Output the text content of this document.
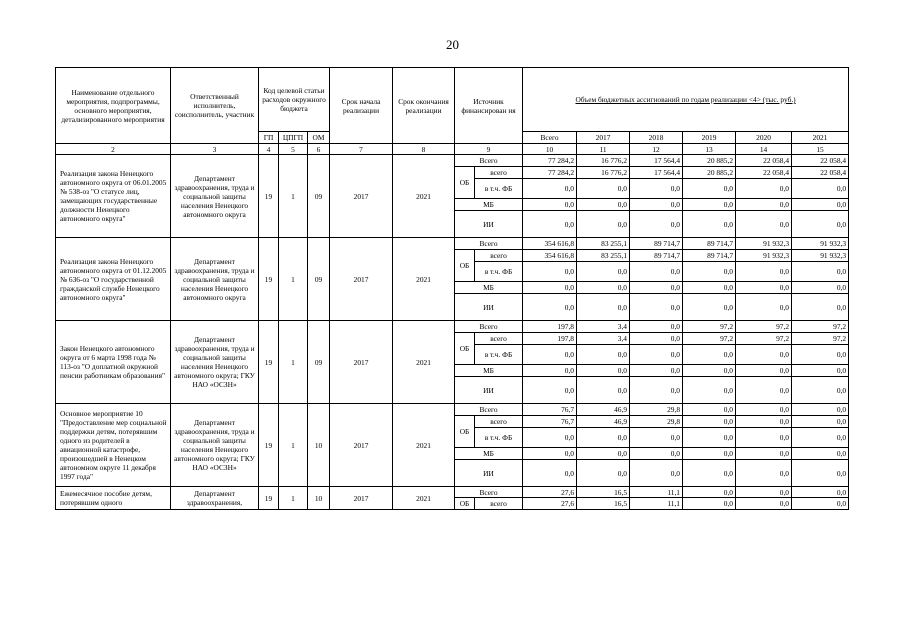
20
Наименование отдельного мероприятия, подпрограммы, основного мероприятия, детализированного мероприятия	Ответственный исполнитель, соисполнитель, участник	Код целевой статьи расходов окружного бюджета			Срок начала реализации	Срок окончания реализации	Источник финансирован ия		Объем бюджетных ассигнований по годам реализации <4> (тыс. руб.)					
		ГП	ЦПГП	ОМ					Всего	2017	2018	2019	2020	2021
2	3	4	5	6	7	8	9		10	11	12	13	14	15
Реализация закона Ненецкого автономного округа от 06.01.2005 № 538-оз "О статусе лиц, замещающих государственные должности Ненецкого автономного округа"	Департамент здравоохранения, труда и социальной защиты населения Ненецкого автономного округа	19	1	09	2017	2021	Всего		77 284,2	16 776,2	17 564,4	20 885,2	22 058,4	22 058,4
							ОБ	всего	77 284,2	16 776,2	17 564,4	20 885,2	22 058,4	22 058,4
								в т.ч. ФБ	0,0	0,0	0,0	0,0	0,0	0,0
							МБ		0,0	0,0	0,0	0,0	0,0	0,0
							ИИ		0,0	0,0	0,0	0,0	0,0	0,0
Реализация закона Ненецкого автономного округа от 01.12.2005 № 636-оз "О государственной гражданской службе Ненецкого автономного округа"	Департамент здравоохранения, труда и социальной защиты населения Ненецкого автономного округа	19	1	09	2017	2021	Всего		354 616,8	83 255,1	89 714,7	89 714,7	91 932,3	91 932,3
							ОБ	всего	354 616,8	83 255,1	89 714,7	89 714,7	91 932,3	91 932,3
								в т.ч. ФБ	0,0	0,0	0,0	0,0	0,0	0,0
							МБ		0,0	0,0	0,0	0,0	0,0	0,0
							ИИ		0,0	0,0	0,0	0,0	0,0	0,0
Закон Ненецкого автономного округа от 6 марта 1998 года № 113-оз "О доплатной окружной пенсии работникам образования"	Департамент здравоохранения, труда и социальной защиты населения Ненецкого автономного округа; ГКУ НАО «ОСЗН»	19	1	09	2017	2021	Всего		197,8	3,4	0,0	97,2	97,2	97,2
							ОБ	всего	197,8	3,4	0,0	97,2	97,2	97,2
								в т.ч. ФБ	0,0	0,0	0,0	0,0	0,0	0,0
							МБ		0,0	0,0	0,0	0,0	0,0	0,0
							ИИ		0,0	0,0	0,0	0,0	0,0	0,0
Основное мероприятие 10 "Предоставление мер социальной поддержки детям, потерявшим одного из родителей в авиационной катастрофе, произошедшей в Ненецком автономном округе 11 декабря 1997 года"	Департамент здравоохранения, труда и социальной защиты населения Ненецкого автономного округа; ГКУ НАО «ОСЗН»	19	1	10	2017	2021	Всего		76,7	46,9	29,8	0,0	0,0	0,0
							ОБ	всего	76,7	46,9	29,8	0,0	0,0	0,0
								в т.ч. ФБ	0,0	0,0	0,0	0,0	0,0	0,0
							МБ		0,0	0,0	0,0	0,0	0,0	0,0
							ИИ		0,0	0,0	0,0	0,0	0,0	0,0
Ежемесячное пособие детям, потерявшим одного	Департамент здравоохранения,	19	1	10	2017	2021	Всего		27,6	16,5	11,1	0,0	0,0	0,0
							ОБ	всего	27,6	16,5	11,1	0,0	0,0	0,0
